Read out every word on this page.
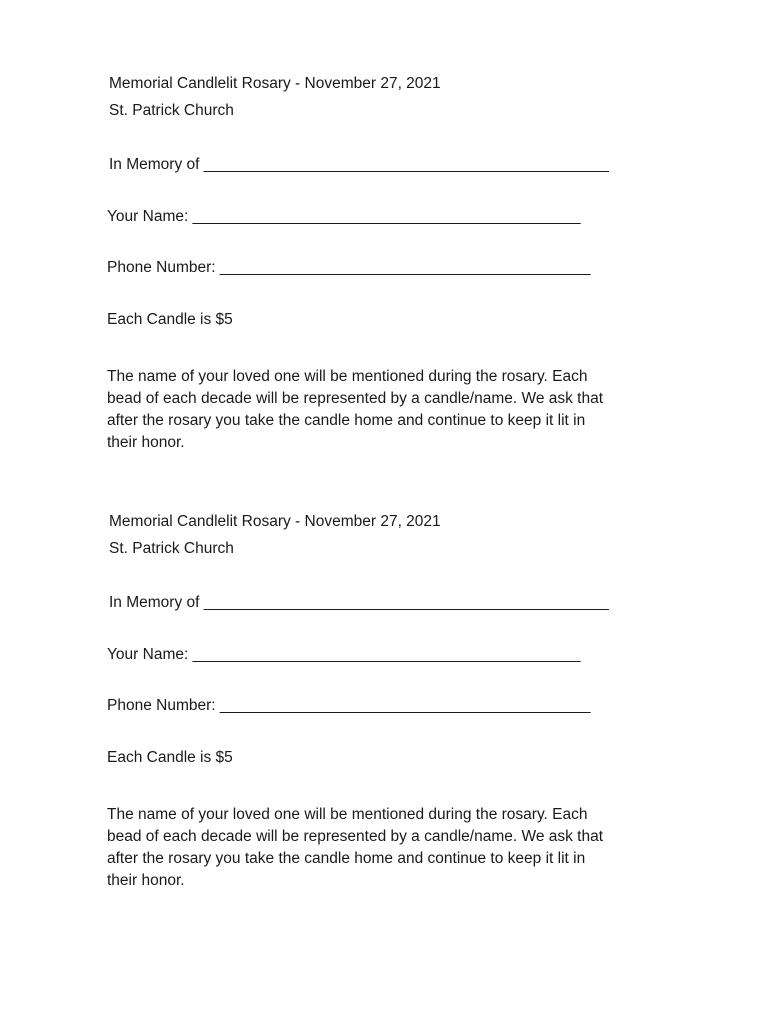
Memorial Candlelit Rosary - November 27, 2021

St. Patrick Church

In Memory of _______________________________________________

Your Name: _____________________________________________

Phone Number: ___________________________________________

Each Candle is $5

The name of your loved one will be mentioned during the rosary. Each
bead of each decade will be represented by a candle/name. We ask that
after the rosary you take the candle home and continue to keep it lit in
their honor.

Memorial Candlelit Rosary - November 27, 2021

St. Patrick Church

In Memory of _______________________________________________

Your Name: _____________________________________________

Phone Number: ___________________________________________

Each Candle is $5

The name of your loved one will be mentioned during the rosary. Each
bead of each decade will be represented by a candle/name. We ask that
after the rosary you take the candle home and continue to keep it lit in
their honor.
